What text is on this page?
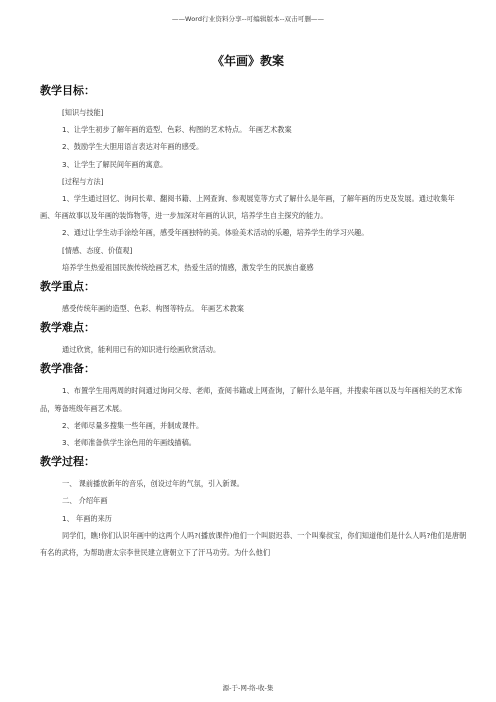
——Word行业资料分享--可编辑版本--双击可删——
《年画》教案
教学目标：

[知识与技能]

1、让学生初步了解年画的造型、色彩、构图的艺术特点。 年画艺术教案

2、鼓励学生大胆用语言表达对年画的感受。

3、让学生了解民间年画的寓意。

[过程与方法]

1、学生通过回忆、询问长辈、翻阅书籍、上网查询、参观展览等方式了解什么是年画，了解年画的历史及发展。通过收集年画、年画故事以及年画的装饰物等，进一步加深对年画的认识，培养学生自主探究的能力。

2、通过让学生动手涂绘年画，感受年画独特的美。体验美术活动的乐趣，培养学生的学习兴趣。

[情感、态度、价值观]

培养学生热爱祖国民族传统绘画艺术，热爱生活的情感，激发学生的民族自豪感

教学重点：

感受传统年画的造型、色彩、构图等特点。 年画艺术教案

教学难点：

通过欣赏，能利用已有的知识进行绘画欣赏活动。

教学准备：

1、布置学生用两周的时间通过询问父母、老师，查阅书籍或上网查询，了解什么是年画，并搜索年画以及与年画相关的艺术饰品，筹备班级年画艺术展。

2、老师尽量多搜集一些年画，并制成课件。

3、老师准备供学生涂色用的年画线描稿。

教学过程：

一、 课前播放新年的音乐，创设过年的气氛，引入新课。

二、 介绍年画

1、 年画的来历

同学们，瞧!你们认识年画中的这两个人吗?(播放课件)他们一个叫尉迟恭、一个叫秦叔宝，你们知道他们是什么人吗?他们是唐朝有名的武将，为帮助唐太宗李世民建立唐朝立下了汗马功劳。为什么他们

源-于-网-络-收-集
